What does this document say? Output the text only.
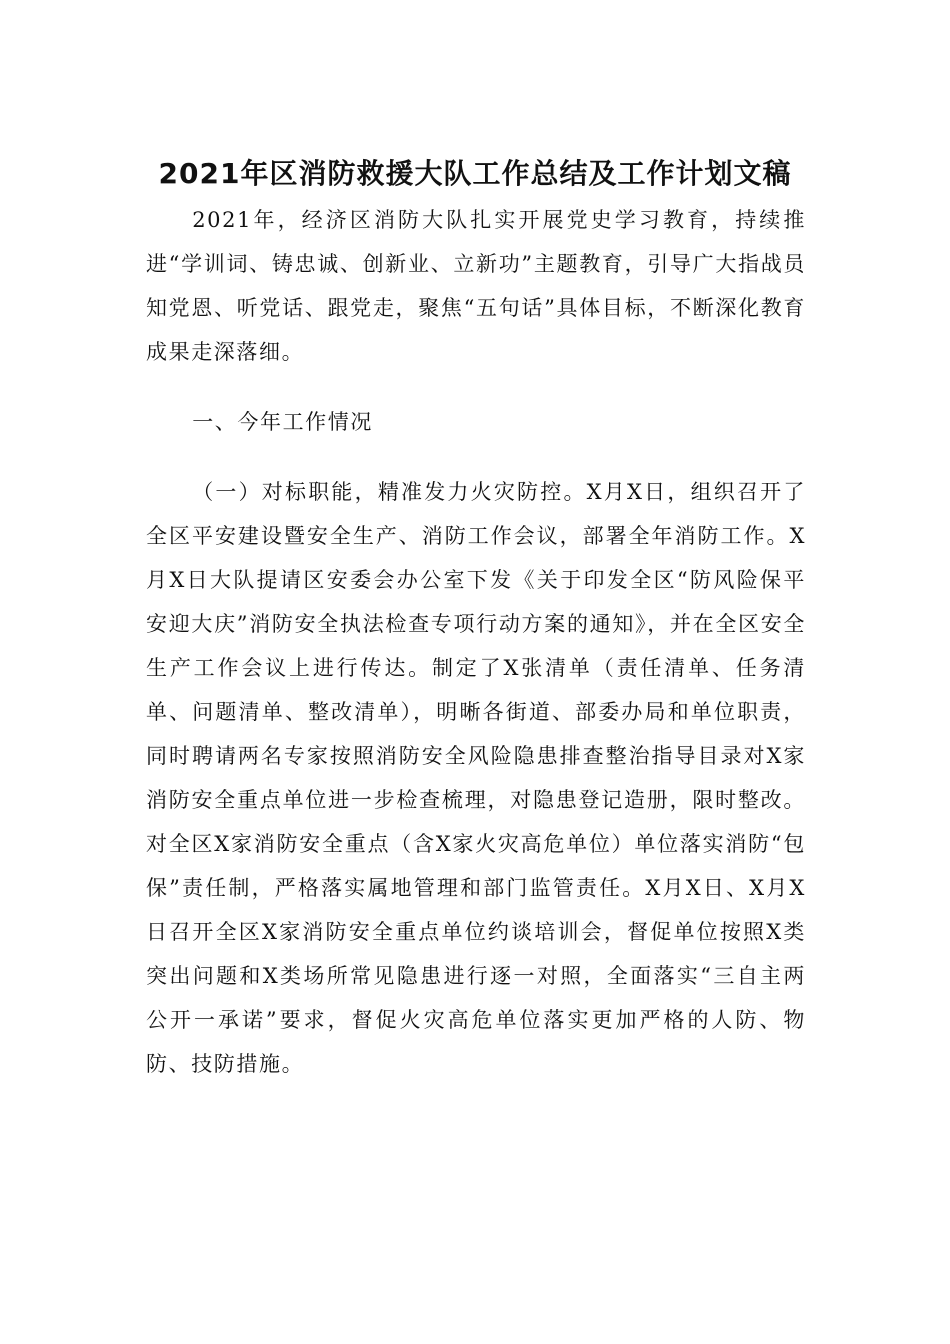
2021年区消防救援大队工作总结及工作计划文稿

2021年，经济区消防大队扎实开展党史学习教育，持续推进“学训词、铸忠诚、创新业、立新功”主题教育，引导广大指战员知党恩、听党话、跟党走，聚焦“五句话”具体目标，不断深化教育成果走深落细。

一、今年工作情况

（一）对标职能，精准发力火灾防控。X月X日，组织召开了全区平安建设暨安全生产、消防工作会议，部署全年消防工作。X月X日大队提请区安委会办公室下发《关于印发全区“防风险保平安迎大庆”消防安全执法检查专项行动方案的通知》，并在全区安全生产工作会议上进行传达。制定了X张清单（责任清单、任务清单、问题清单、整改清单），明晰各街道、部委办局和单位职责，同时聘请两名专家按照消防安全风险隐患排查整治指导目录对X家消防安全重点单位进一步检查梳理，对隐患登记造册，限时整改。对全区X家消防安全重点（含X家火灾高危单位）单位落实消防“包保”责任制，严格落实属地管理和部门监管责任。X月X日、X月X日召开全区X家消防安全重点单位约谈培训会，督促单位按照X类突出问题和X类场所常见隐患进行逐一对照，全面落实“三自主两公开一承诺”要求，督促火灾高危单位落实更加严格的人防、物防、技防措施。
